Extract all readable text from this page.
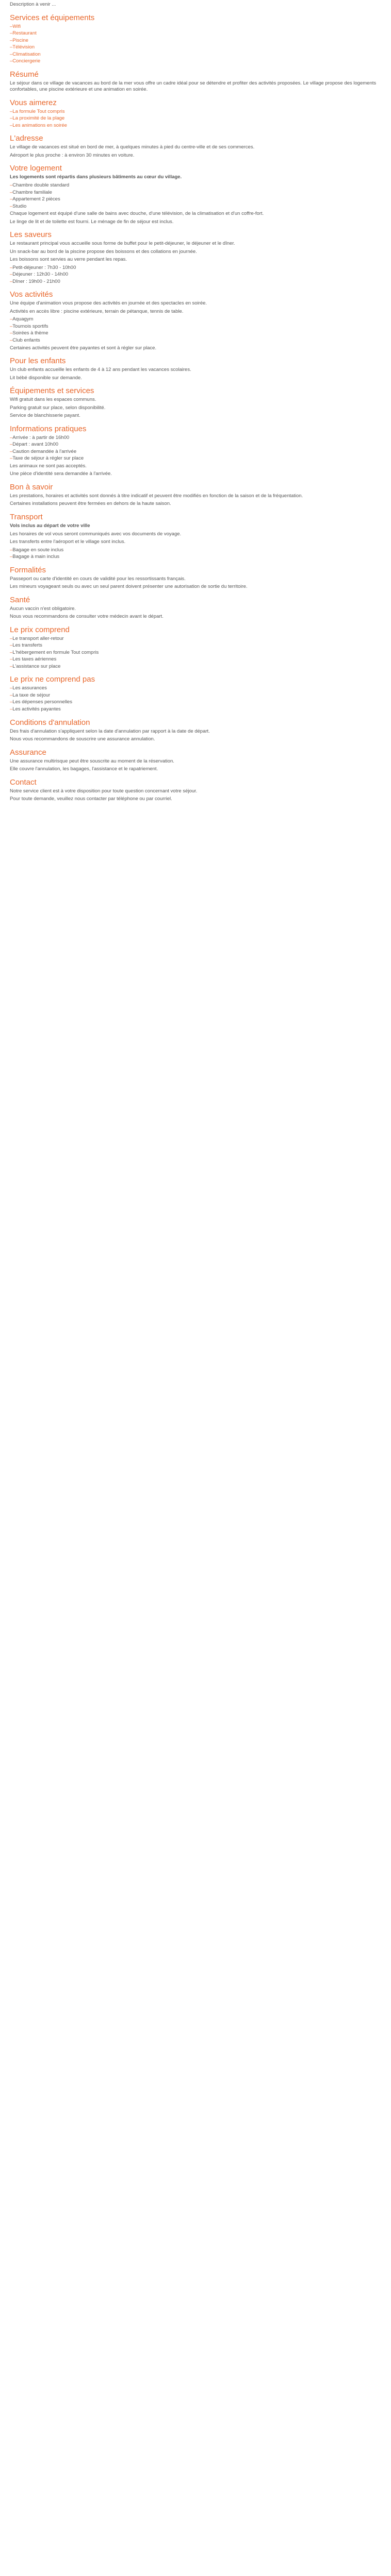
Description à venir ...

Services et équipements
– Wifi
– Restaurant
– Piscine
– Télévision
– Climatisation
– Conciergerie
Résumé

Le séjour dans ce village de vacances au bord de la mer vous offre un cadre idéal pour se détendre et profiter des activités proposées. Le village propose des logements confortables, une piscine extérieure et une animation en soirée.

Vous aimerez
– La formule Tout compris
– La proximité de la plage
– Les animations en soirée
L'adresse

Le village de vacances est situé en bord de mer, à quelques minutes à pied du centre-ville et de ses commerces.

Aéroport le plus proche : à environ 30 minutes en voiture.

Votre logement

Les logements sont répartis dans plusieurs bâtiments au cœur du village.

– Chambre double standard
– Chambre familiale
– Appartement 2 pièces
– Studio

Chaque logement est équipé d'une salle de bains avec douche, d'une télévision, de la climatisation et d'un coffre-fort.

Le linge de lit et de toilette est fourni. Le ménage de fin de séjour est inclus.

Les saveurs

Le restaurant principal vous accueille sous forme de buffet pour le petit-déjeuner, le déjeuner et le dîner.

Un snack-bar au bord de la piscine propose des boissons et des collations en journée.

Les boissons sont servies au verre pendant les repas.

– Petit-déjeuner : 7h30 - 10h00
– Déjeuner : 12h30 - 14h00
– Dîner : 19h00 - 21h00
Vos activités

Une équipe d'animation vous propose des activités en journée et des spectacles en soirée.

Activités en accès libre : piscine extérieure, terrain de pétanque, tennis de table.

– Aquagym
– Tournois sportifs
– Soirées à thème
– Club enfants

Certaines activités peuvent être payantes et sont à régler sur place.

Pour les enfants

Un club enfants accueille les enfants de 4 à 12 ans pendant les vacances scolaires.

Lit bébé disponible sur demande.

Équipements et services

Wifi gratuit dans les espaces communs.

Parking gratuit sur place, selon disponibilité.

Service de blanchisserie payant.

Informations pratiques
– Arrivée : à partir de 16h00
– Départ : avant 10h00
– Caution demandée à l'arrivée
– Taxe de séjour à régler sur place

Les animaux ne sont pas acceptés.

Une pièce d'identité sera demandée à l'arrivée.

Bon à savoir

Les prestations, horaires et activités sont donnés à titre indicatif et peuvent être modifiés en fonction de la saison et de la fréquentation.

Certaines installations peuvent être fermées en dehors de la haute saison.

Transport

Vols inclus au départ de votre ville

Les horaires de vol vous seront communiqués avec vos documents de voyage.

Les transferts entre l'aéroport et le village sont inclus.

– Bagage en soute inclus
– Bagage à main inclus
Formalités

Passeport ou carte d'identité en cours de validité pour les ressortissants français.

Les mineurs voyageant seuls ou avec un seul parent doivent présenter une autorisation de sortie du territoire.

Santé

Aucun vaccin n'est obligatoire.

Nous vous recommandons de consulter votre médecin avant le départ.

Le prix comprend
– Le transport aller-retour
– Les transferts
– L'hébergement en formule Tout compris
– Les taxes aériennes
– L'assistance sur place
Le prix ne comprend pas
– Les assurances
– La taxe de séjour
– Les dépenses personnelles
– Les activités payantes
Conditions d'annulation

Des frais d'annulation s'appliquent selon la date d'annulation par rapport à la date de départ.

Nous vous recommandons de souscrire une assurance annulation.

Assurance

Une assurance multirisque peut être souscrite au moment de la réservation.

Elle couvre l'annulation, les bagages, l'assistance et le rapatriement.

Contact

Notre service client est à votre disposition pour toute question concernant votre séjour.

Pour toute demande, veuillez nous contacter par téléphone ou par courriel.
